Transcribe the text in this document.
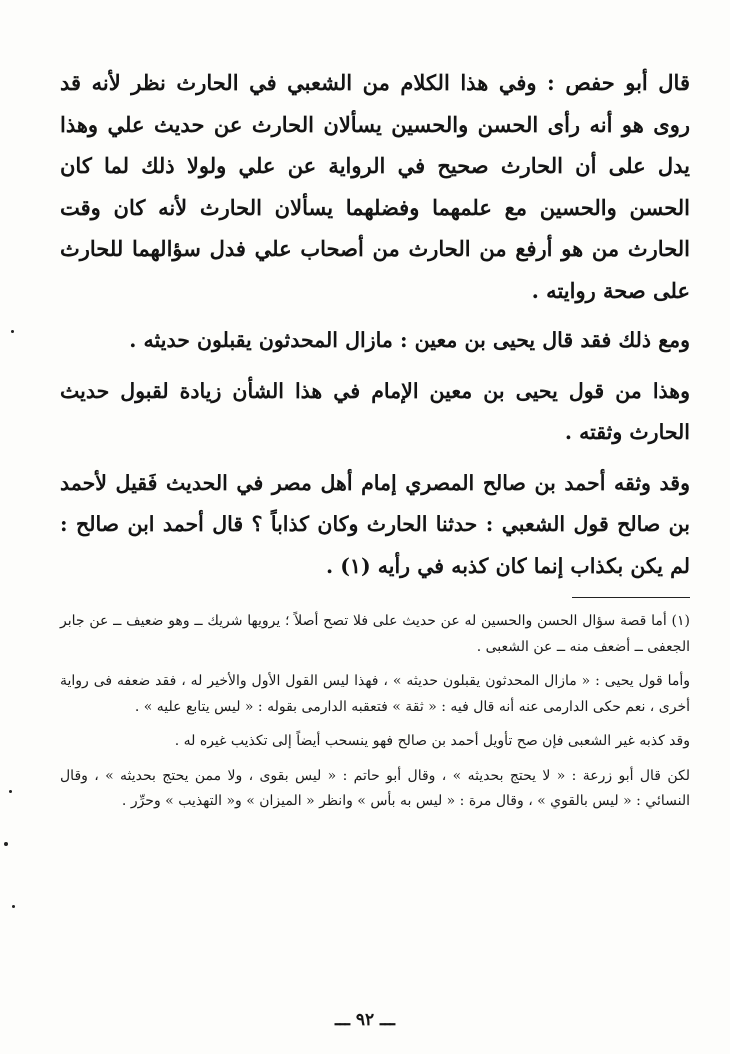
قال أبو حفص : وفي هذا الكلام من الشعبي في الحارث نظر لأنه قد روى هو أنه رأى الحسن والحسين يسألان الحارث عن حديث علي وهذا يدل على أن الحارث صحيح في الرواية عن علي ولولا ذلك لما كان الحسن والحسين مع علمهما وفضلهما يسألان الحارث لأنه كان وقت الحارث من هو أرفع من الحارث من أصحاب علي فدل سؤالهما للحارث على صحة روايته .

ومع ذلك فقد قال يحيى بن معين : مازال المحدثون يقبلون حديثه .

وهذا من قول يحيى بن معين الإمام في هذا الشأن زيادة لقبول حديث الحارث وثقته .

وقد وثقه أحمد بن صالح المصري إمام أهل مصر في الحديث فَقيل لأحمد بن صالح قول الشعبي : حدثنا الحارث وكان كذاباً ؟ قال أحمد ابن صالح : لم يكن بكذاب إنما كان كذبه في رأيه (١) .

(١) أما قصة سؤال الحسن والحسين له عن حديث على فلا تصح أصلاً ؛ يرويها شريك ــ وهو ضعيف ــ عن جابر الجعفى ــ أضعف منه ــ عن الشعبى .

وأما قول يحيى : « مازال المحدثون يقبلون حديثه » ، فهذا ليس القول الأول والأخير له ، فقد ضعفه فى رواية أخرى ، نعم حكى الدارمى عنه أنه قال فيه : « ثقة » فتعقبه الدارمى بقوله : « ليس يتابع عليه » .

وقد كذبه غير الشعبى فإن صح تأويل أحمد بن صالح فهو ينسحب أيضاً إلى تكذيب غيره له .

لكن قال أبو زرعة : « لا يحتج بحديثه » ، وقال أبو حاتم : « ليس بقوى ، ولا ممن يحتج بحديثه » ، وقال النسائي : « ليس بالقوي » ، وقال مرة : « ليس به بأس » وانظر « الميزان » و« التهذيب » وحرِّر .

ـــ ٩٢ ـــ
